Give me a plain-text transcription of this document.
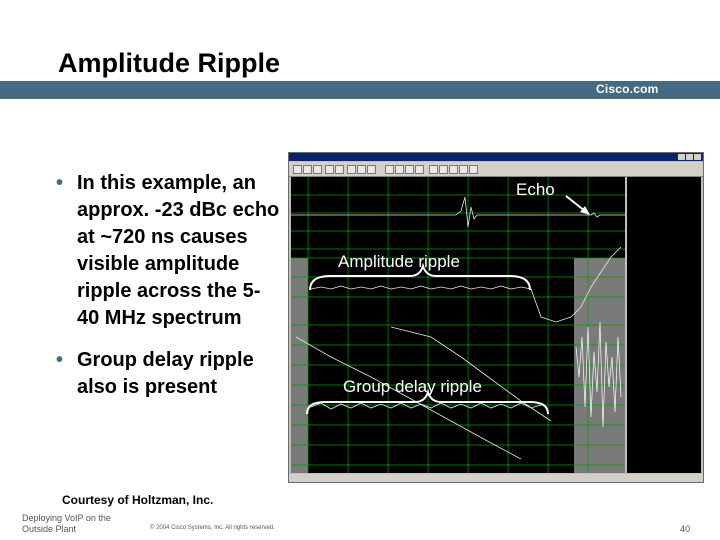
Amplitude Ripple
Cisco.com
• In this example, an approx. -23 dBc echo at ~720 ns causes visible amplitude ripple across the 5-40 MHz spectrum
• Group delay ripple also is present
Courtesy of Holtzman, Inc.
Deploying VoIP on the Outside Plant	© 2004 Cisco Systems, Inc. All rights reserved.	40
Echo
Amplitude ripple
Group delay ripple
